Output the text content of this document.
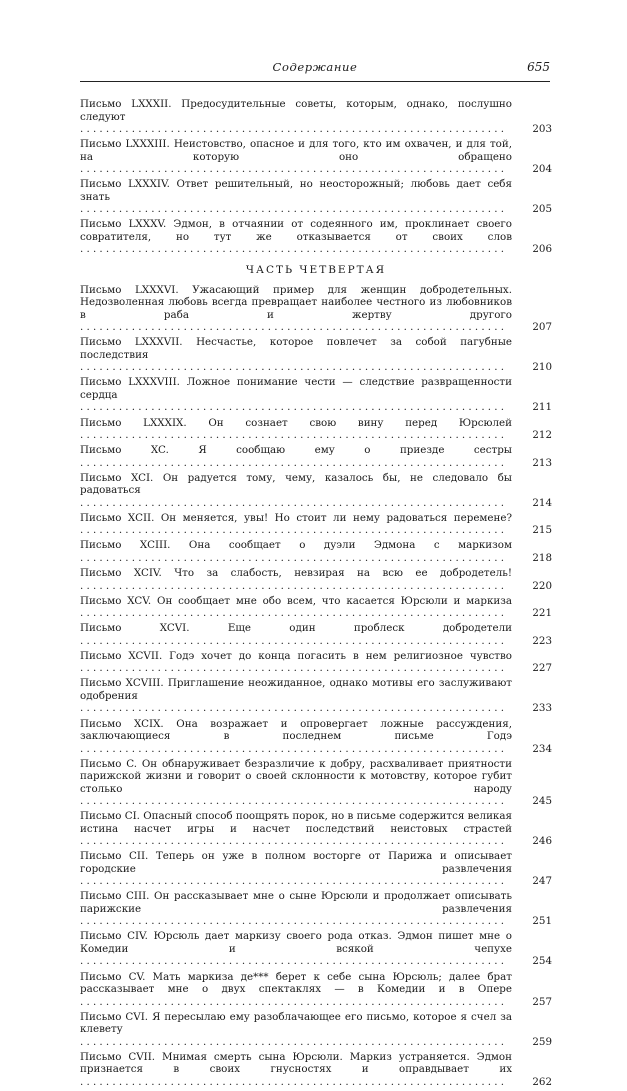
Содержание	655
Письмо LXXXII. Предосудительные советы, которым, однако, послушно следуют ..................................................................	203
Письмо LXXXIII. Неистовство, опасное и для того, кто им охвачен, и для той, на которую оно обращено ..................................................................	204
Письмо LXXXIV. Ответ решительный, но неосторожный; любовь дает себя знать ..................................................................	205
Письмо LXXXV. Эдмон, в отчаянии от содеянного им, проклинает своего совратителя, но тут же отказывается от своих слов ..................................................................	206
ЧАСТЬ ЧЕТВЕРТАЯ
Письмо LXXXVI. Ужасающий пример для женщин добродетельных. Недозволенная любовь всегда превращает наиболее честного из любовников в раба и жертву другого ..................................................................	207
Письмо LXXXVII. Несчастье, которое повлечет за собой пагубные последствия ..................................................................	210
Письмо LXXXVIII. Ложное понимание чести — следствие развращенности сердца ..................................................................	211
Письмо LXXXIX. Он сознает свою вину перед Юрсюлей ..................................................................	212
Письмо XC. Я сообщаю ему о приезде сестры ..................................................................	213
Письмо XCI. Он радуется тому, чему, казалось бы, не следовало бы радоваться ..................................................................	214
Письмо XCII. Он меняется, увы! Но стоит ли нему радоваться перемене? ..................................................................	215
Письмо XCIII. Она сообщает о дуэли Эдмона с маркизом ..................................................................	218
Письмо XCIV. Что за слабость, невзирая на всю ее добродетель! ..................................................................	220
Письмо XCV. Он сообщает мне обо всем, что касается Юрсюли и маркиза ..................................................................	221
Письмо XCVI. Еще один проблеск добродетели ..................................................................	223
Письмо XCVII. Годэ хочет до конца погасить в нем религиозное чувство ..................................................................	227
Письмо XCVIII. Приглашение неожиданное, однако мотивы его заслуживают одобрения ..................................................................	233
Письмо XCIX. Она возражает и опровергает ложные рассуждения, заключающиеся в последнем письме Годэ ..................................................................	234
Письмо C. Он обнаруживает безразличие к добру, расхваливает приятности парижской жизни и говорит о своей склонности к мотовству, которое губит столько народу ..................................................................	245
Письмо CI. Опасный способ поощрять порок, но в письме содержится великая истина насчет игры и насчет последствий неистовых страстей ..................................................................	246
Письмо CII. Теперь он уже в полном восторге от Парижа и описывает городские развлечения ..................................................................	247
Письмо CIII. Он рассказывает мне о сыне Юрсюли и продолжает описывать парижские развлечения ..................................................................	251
Письмо CIV. Юрсюль дает маркизу своего рода отказ. Эдмон пишет мне о Комедии и всякой чепухе ..................................................................	254
Письмо CV. Мать маркиза де*** берет к себе сына Юрсюль; далее брат рассказывает мне о двух спектаклях — в Комедии и в Опере ..................................................................	257
Письмо CVI. Я пересылаю ему разоблачающее его письмо, которое я счел за клевету ..................................................................	259
Письмо CVII. Мнимая смерть сына Юрсюли. Маркиз устраняется. Эдмон признается в своих гнусностях и оправдывает их ..................................................................	262
